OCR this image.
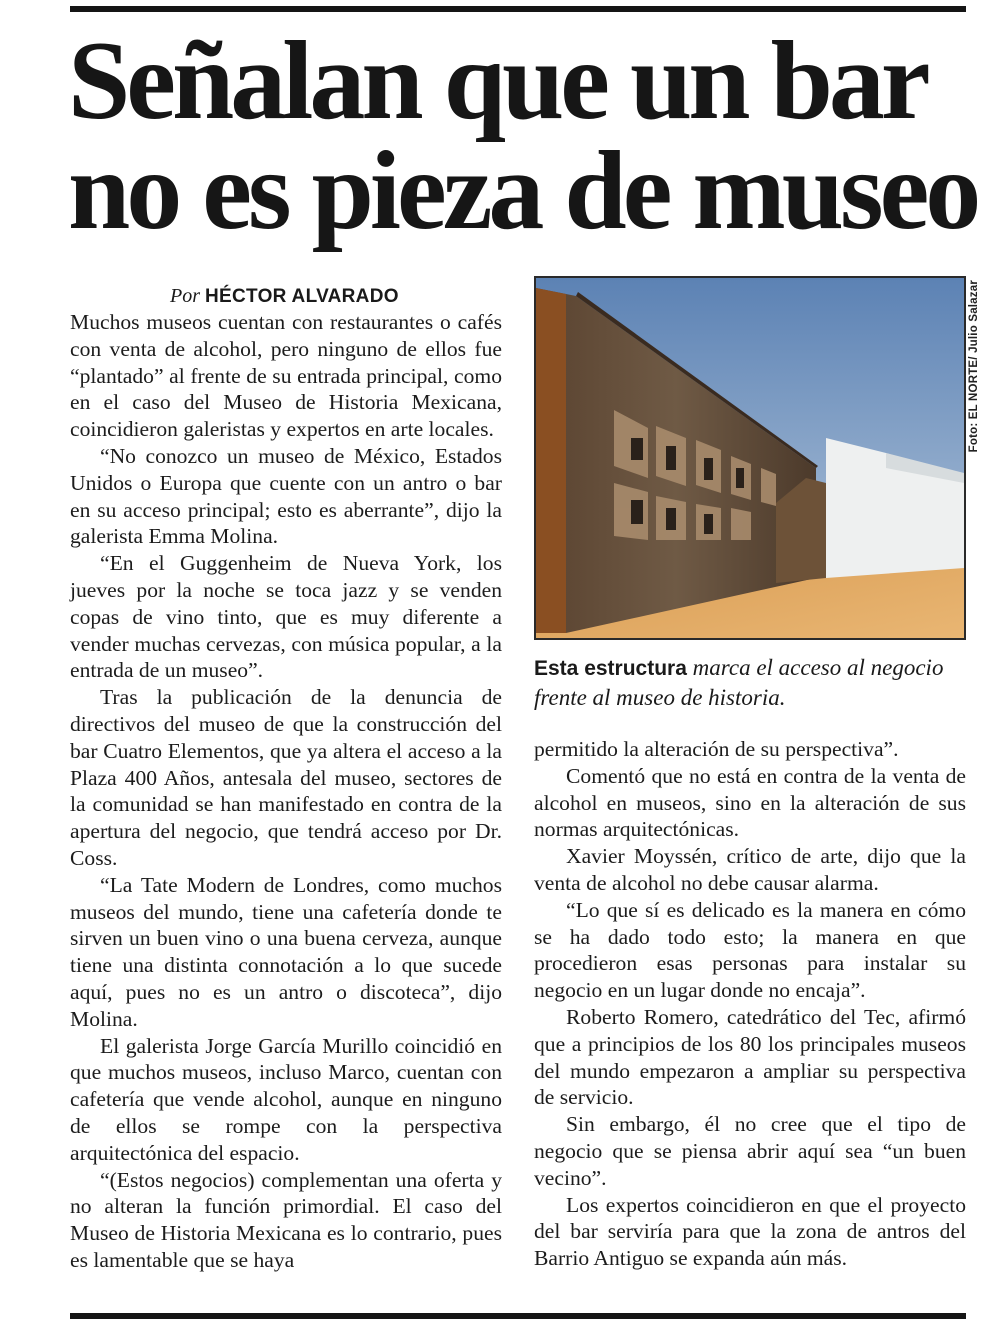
Señalan que un bar
no es pieza de museo
Por HÉCTOR ALVARADO

Muchos museos cuentan con restaurantes o cafés con venta de alcohol, pero ninguno de ellos fue “plantado” al frente de su entrada principal, como en el caso del Museo de Historia Mexicana, coincidieron galeristas y expertos en arte locales.

“No conozco un museo de México, Estados Unidos o Europa que cuente con un antro o bar en su acceso principal; esto es aberrante”, dijo la galerista Emma Molina.

“En el Guggenheim de Nueva York, los jueves por la noche se toca jazz y se venden copas de vino tinto, que es muy diferente a vender muchas cervezas, con música popular, a la entrada de un museo”.

Tras la publicación de la denuncia de directivos del museo de que la construcción del bar Cuatro Elementos, que ya altera el acceso a la Plaza 400 Años, antesala del museo, sectores de la comunidad se han manifestado en contra de la apertura del negocio, que tendrá acceso por Dr. Coss.

“La Tate Modern de Londres, como muchos museos del mundo, tiene una cafetería donde te sirven un buen vino o una buena cerveza, aunque tiene una distinta connotación a lo que sucede aquí, pues no es un antro o discoteca”, dijo Molina.

El galerista Jorge García Murillo coincidió en que muchos museos, incluso Marco, cuentan con cafetería que vende alcohol, aunque en ninguno de ellos se rompe con la perspectiva arquitectónica del espacio.

“(Estos negocios) complementan una oferta y no alteran la función primordial. El caso del Museo de Historia Mexicana es lo contrario, pues es lamentable que se haya

Foto: EL NORTE/ Julio Salazar
Esta estructura marca el acceso al negocio frente al museo de historia.

permitido la alteración de su perspectiva”.

Comentó que no está en contra de la venta de alcohol en museos, sino en la alteración de sus normas arquitectónicas.

Xavier Moyssén, crítico de arte, dijo que la venta de alcohol no debe causar alarma.

“Lo que sí es delicado es la manera en cómo se ha dado todo esto; la manera en que procedieron esas personas para instalar su negocio en un lugar donde no encaja”.

Roberto Romero, catedrático del Tec, afirmó que a principios de los 80 los principales museos del mundo empezaron a ampliar su perspectiva de servicio.

Sin embargo, él no cree que el tipo de negocio que se piensa abrir aquí sea “un buen vecino”.

Los expertos coincidieron en que el proyecto del bar serviría para que la zona de antros del Barrio Antiguo se expanda aún más.
